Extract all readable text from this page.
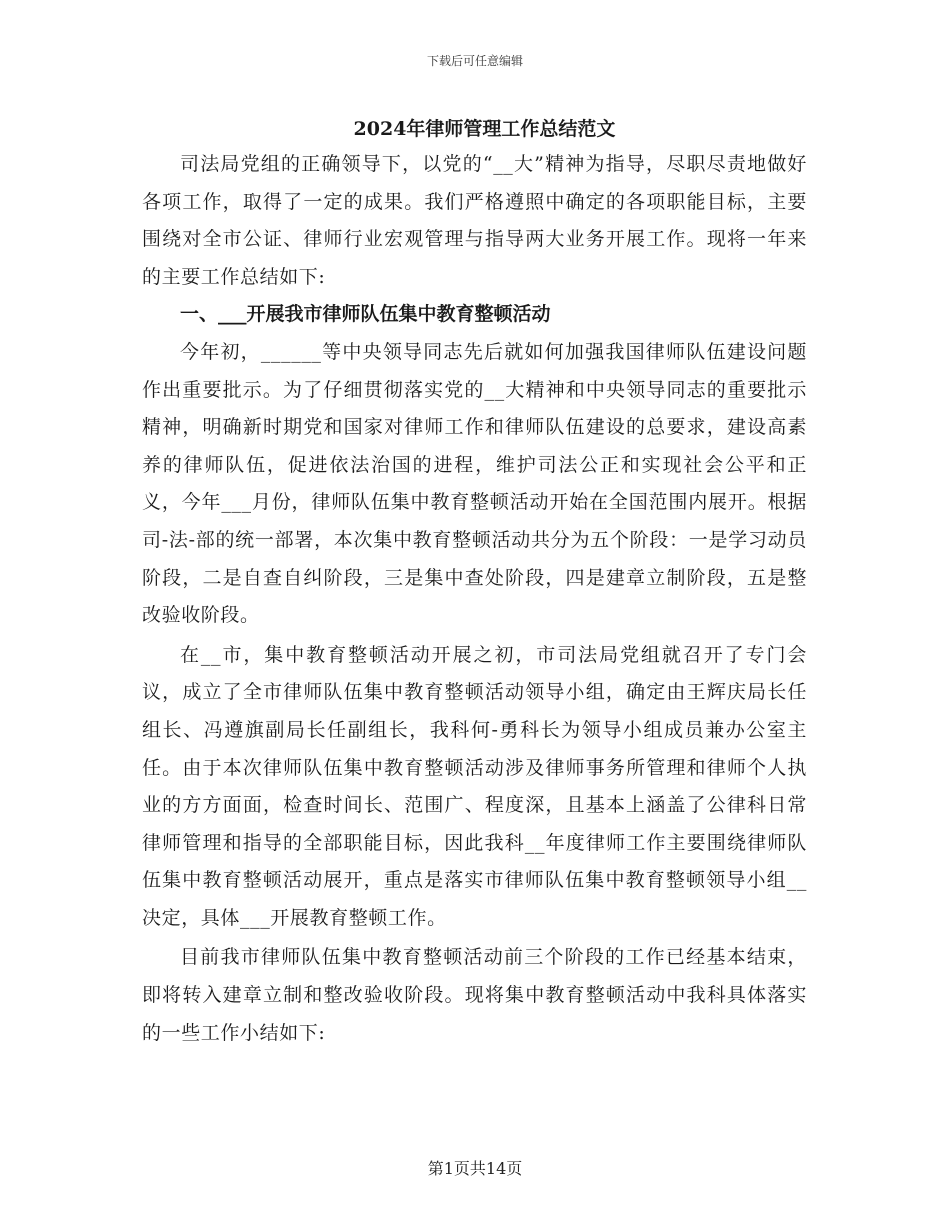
下载后可任意编辑
2024年律师管理工作总结范文

司法局党组的正确领导下，以党的“__大”精神为指导，尽职尽责地做好各项工作，取得了一定的成果。我们严格遵照中确定的各项职能目标，主要围绕对全市公证、律师行业宏观管理与指导两大业务开展工作。现将一年来的主要工作总结如下:

一、___开展我市律师队伍集中教育整顿活动

今年初，______等中央领导同志先后就如何加强我国律师队伍建设问题作出重要批示。为了仔细贯彻落实党的__大精神和中央领导同志的重要批示精神，明确新时期党和国家对律师工作和律师队伍建设的总要求，建设高素养的律师队伍，促进依法治国的进程，维护司法公正和实现社会公平和正义，今年___月份，律师队伍集中教育整顿活动开始在全国范围内展开。根据司-法-部的统一部署，本次集中教育整顿活动共分为五个阶段：一是学习动员阶段，二是自查自纠阶段，三是集中查处阶段，四是建章立制阶段，五是整改验收阶段。

在__市，集中教育整顿活动开展之初，市司法局党组就召开了专门会议，成立了全市律师队伍集中教育整顿活动领导小组，确定由王辉庆局长任组长、冯遵旗副局长任副组长，我科何-勇科长为领导小组成员兼办公室主任。由于本次律师队伍集中教育整顿活动涉及律师事务所管理和律师个人执业的方方面面，检查时间长、范围广、程度深，且基本上涵盖了公律科日常律师管理和指导的全部职能目标，因此我科__年度律师工作主要围绕律师队伍集中教育整顿活动展开，重点是落实市律师队伍集中教育整顿领导小组__决定，具体___开展教育整顿工作。

目前我市律师队伍集中教育整顿活动前三个阶段的工作已经基本结束，即将转入建章立制和整改验收阶段。现将集中教育整顿活动中我科具体落实的一些工作小结如下:

第1页共14页
